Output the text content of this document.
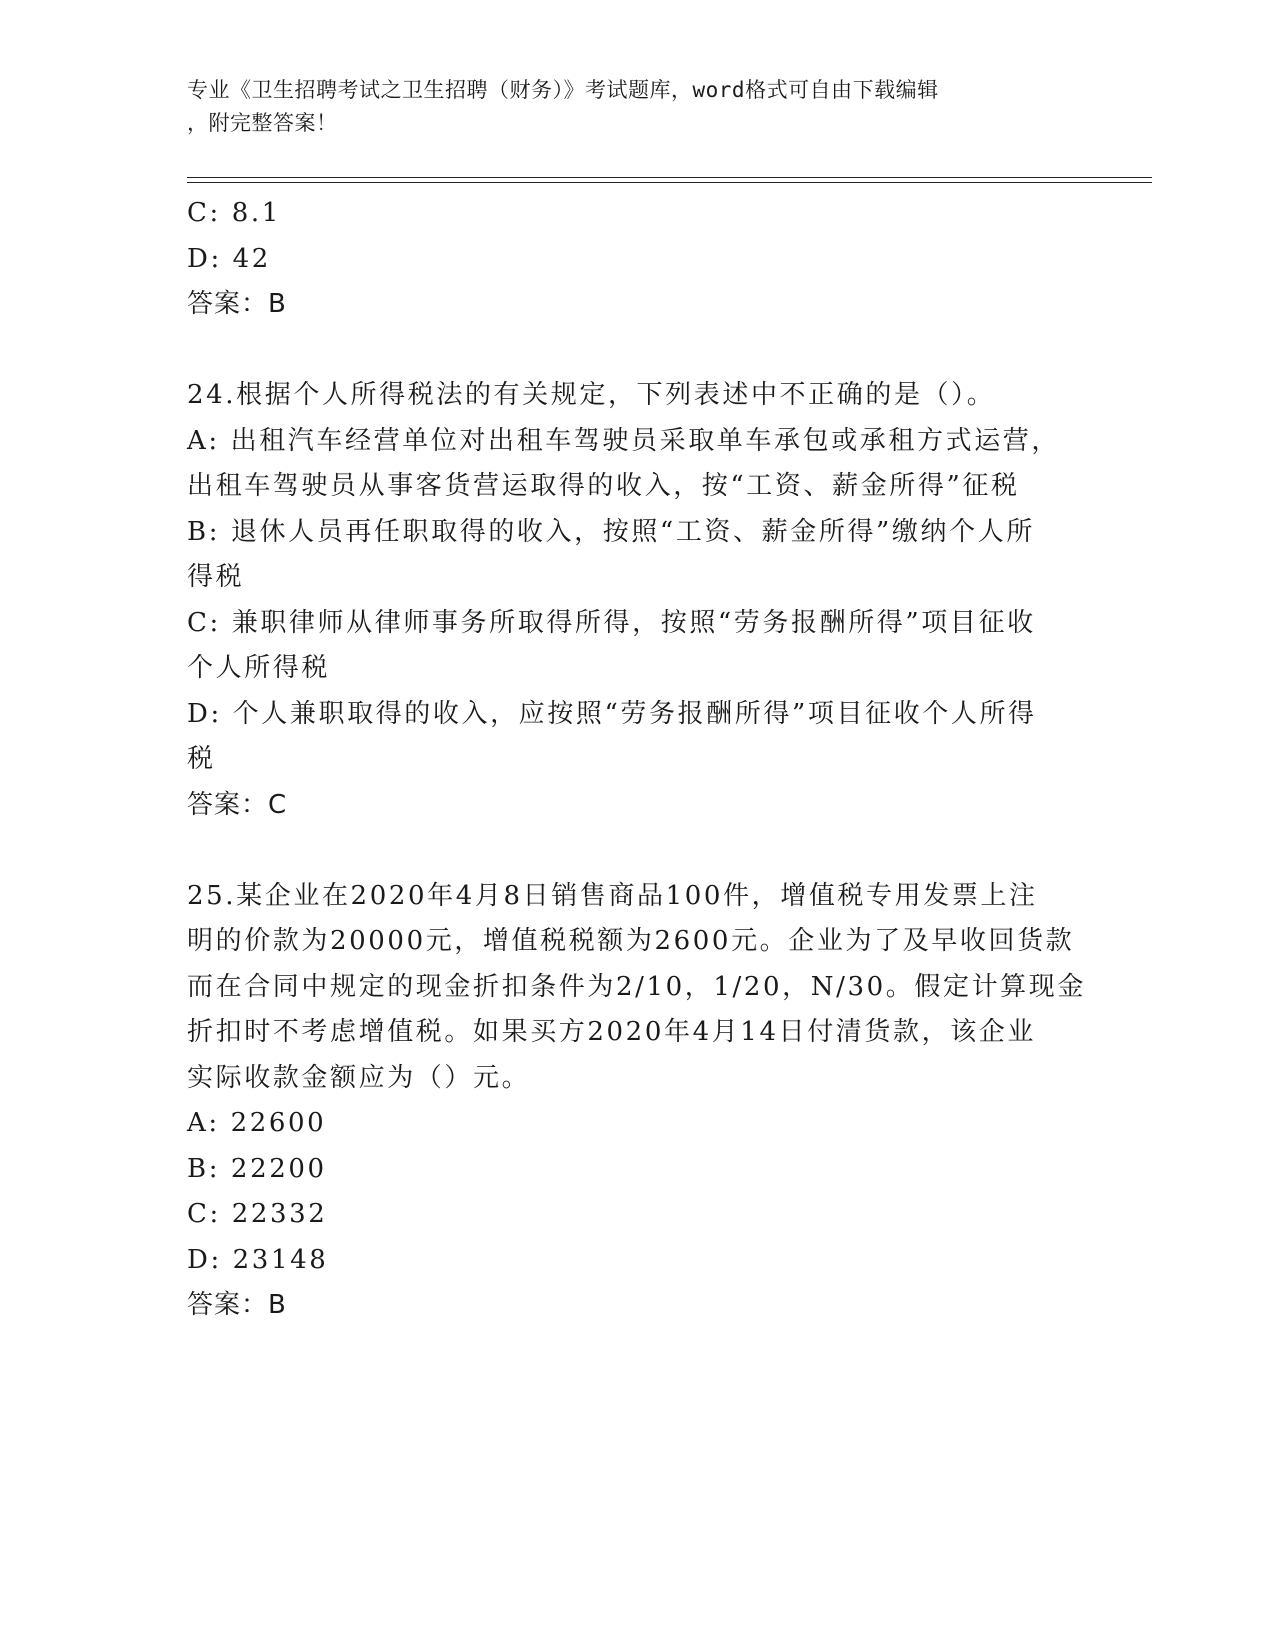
专业《卫生招聘考试之卫生招聘（财务）》考试题库，word格式可自由下载编辑
，附完整答案！
C: 8.1
D: 42
答案：B
24.根据个人所得税法的有关规定，下列表述中不正确的是（）。
A: 出租汽车经营单位对出租车驾驶员采取单车承包或承租方式运营，
出租车驾驶员从事客货营运取得的收入，按“工资、薪金所得”征税
B: 退休人员再任职取得的收入，按照“工资、薪金所得”缴纳个人所
得税
C: 兼职律师从律师事务所取得所得，按照“劳务报酬所得”项目征收
个人所得税
D: 个人兼职取得的收入，应按照“劳务报酬所得”项目征收个人所得
税
答案：C
25.某企业在2020年4月8日销售商品100件，增值税专用发票上注
明的价款为20000元，增值税税额为2600元。企业为了及早收回货款
而在合同中规定的现金折扣条件为2/10，1/20，N/30。假定计算现金
折扣时不考虑增值税。如果买方2020年4月14日付清货款，该企业
实际收款金额应为（）元。
A: 22600
B: 22200
C: 22332
D: 23148
答案：B
